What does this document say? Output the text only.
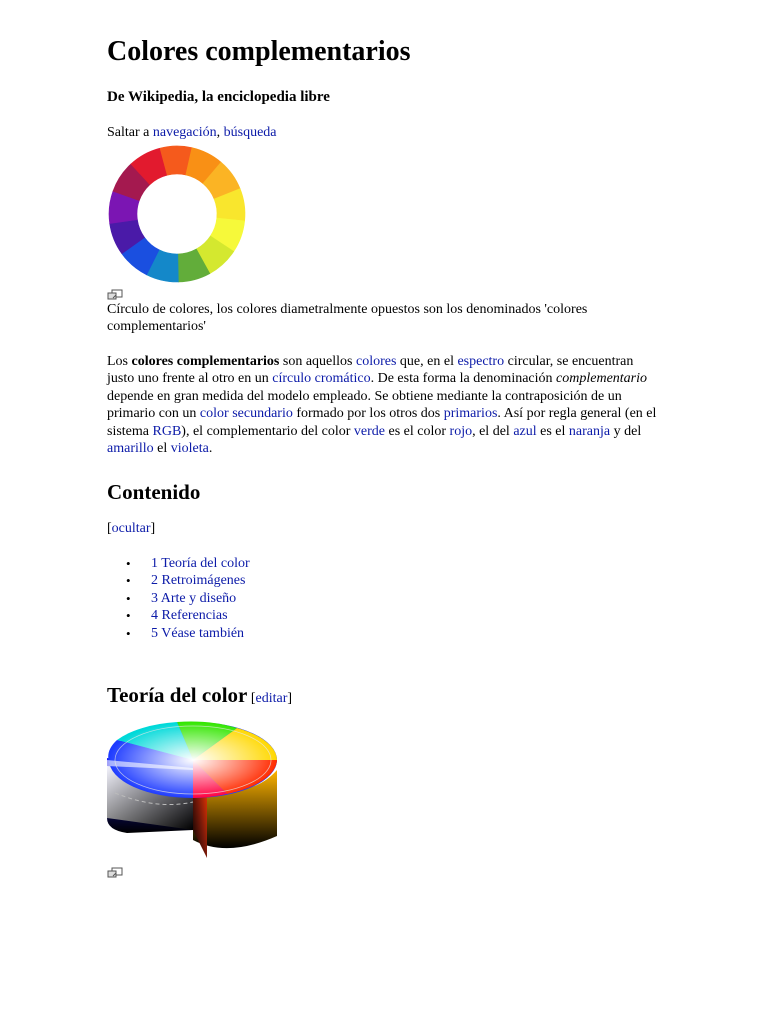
Colores complementarios
De Wikipedia, la enciclopedia libre
Saltar a navegación, búsqueda
Círculo de colores, los colores diametralmente opuestos son los denominados 'colores complementarios'
Los colores complementarios son aquellos colores que, en el espectro circular, se encuentran justo uno frente al otro en un círculo cromático. De esta forma la denominación complementario depende en gran medida del modelo empleado. Se obtiene mediante la contraposición de un primario con un color secundario formado por los otros dos primarios. Así por regla general (en el sistema RGB), el complementario del color verde es el color rojo, el del azul es el naranja y del amarillo el violeta.
Contenido
[ocultar]
• 1 Teoría del color
• 2 Retroimágenes
• 3 Arte y diseño
• 4 Referencias
• 5 Véase también
Teoría del color [editar]
